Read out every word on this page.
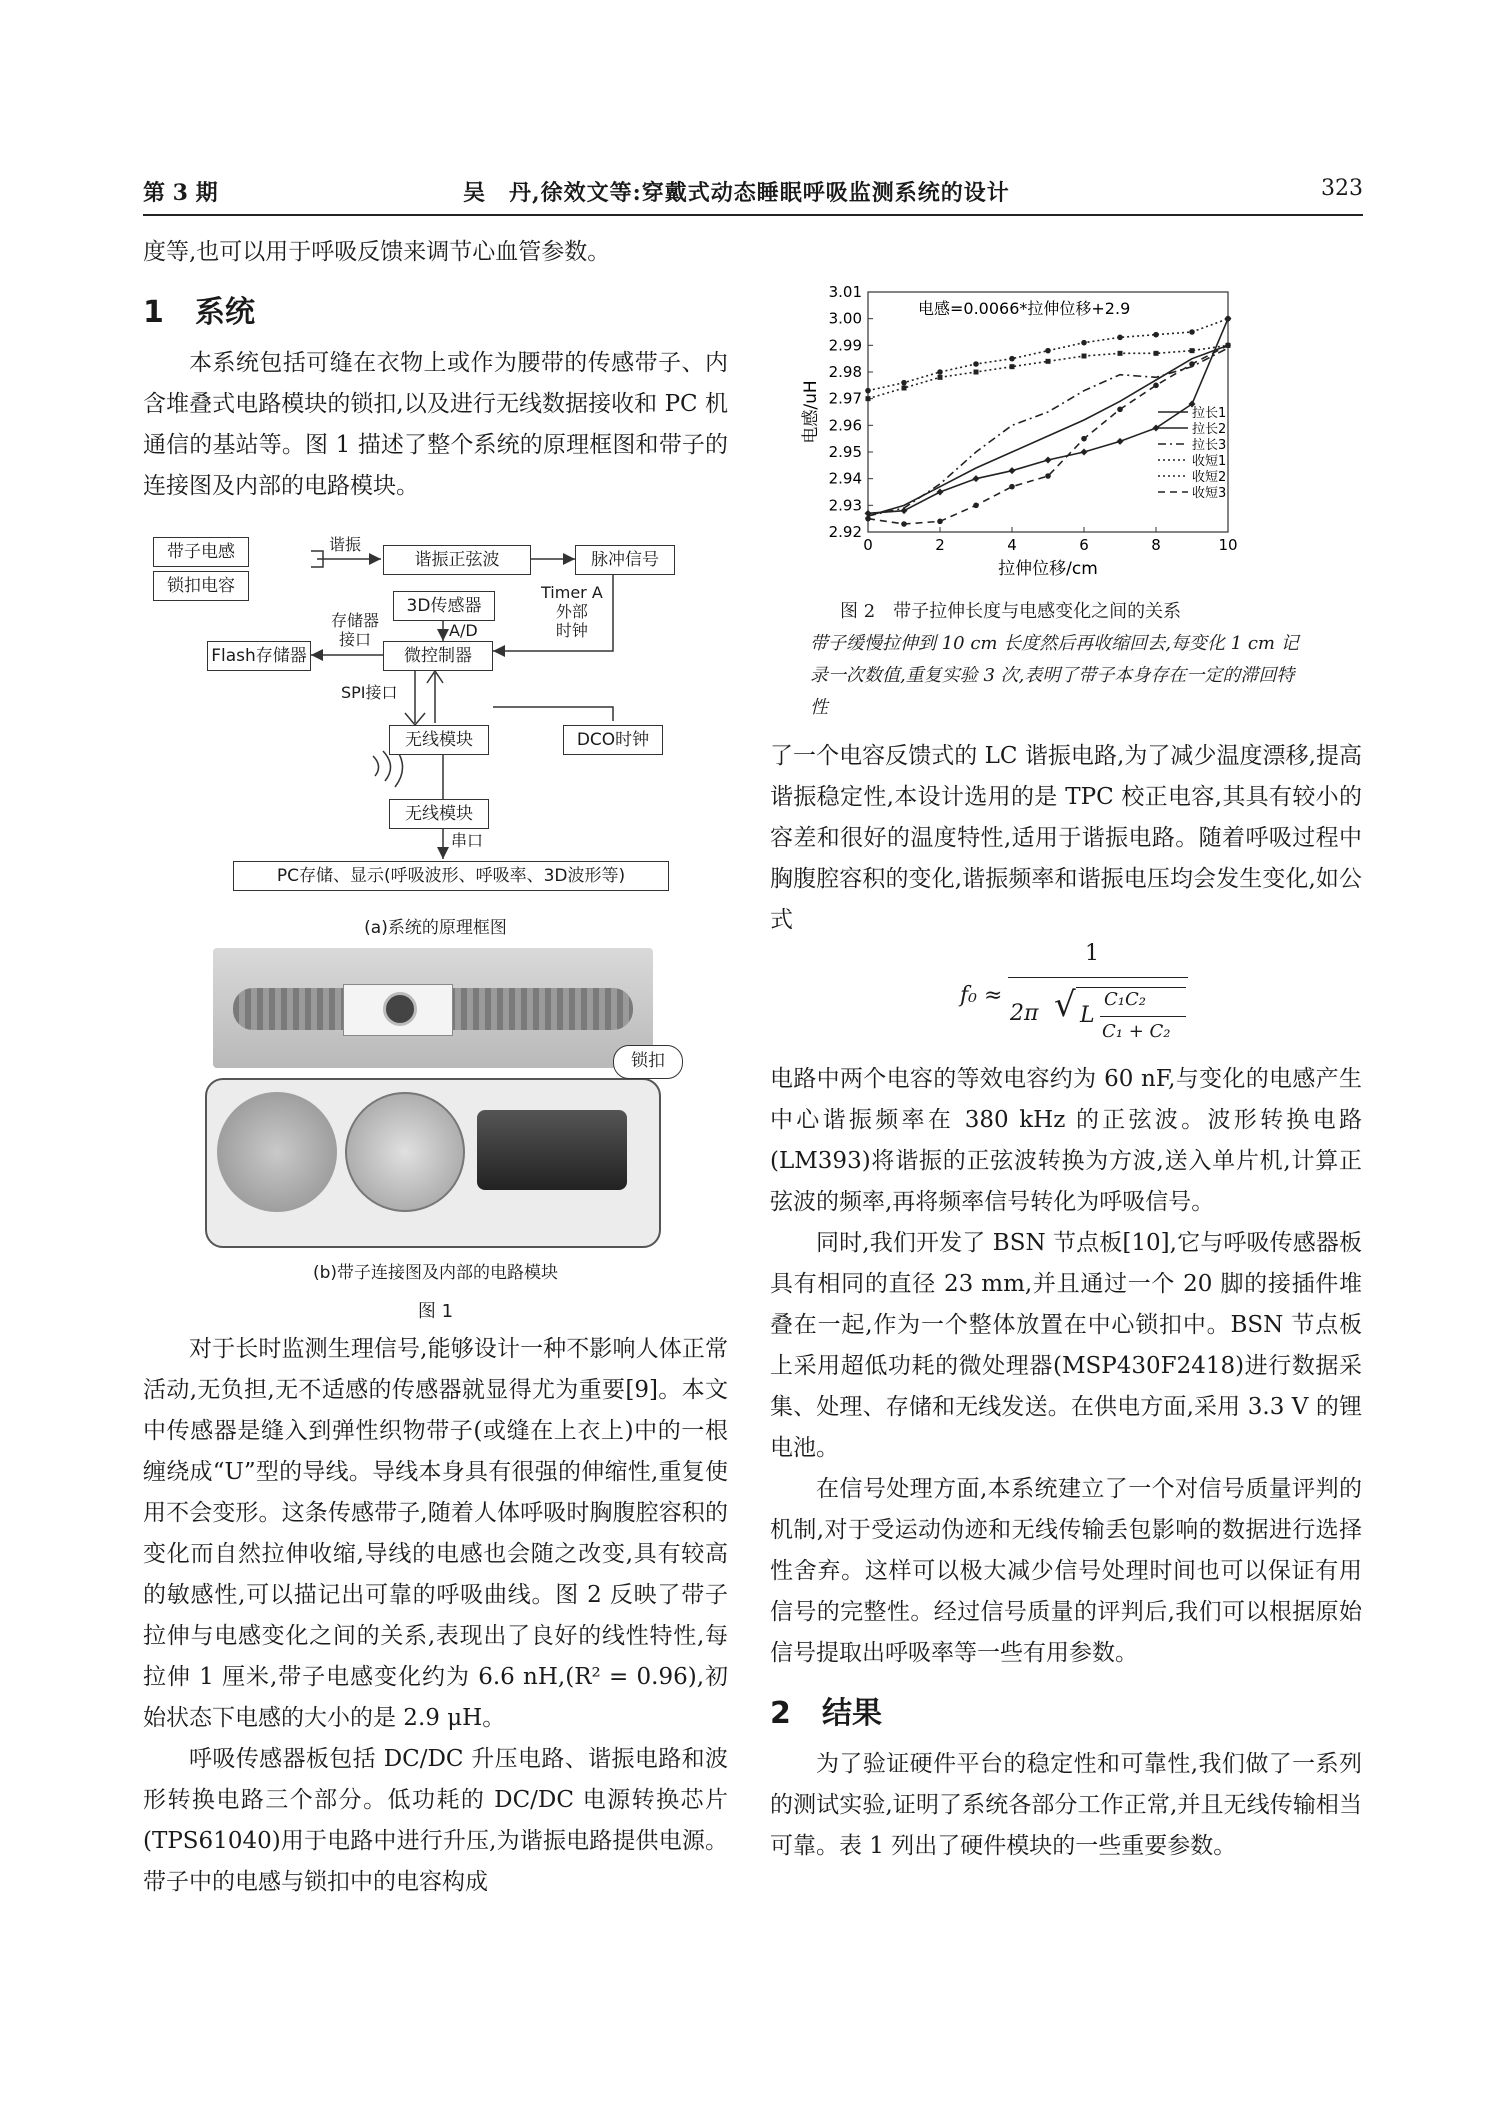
第 3 期	吴　丹,徐效文等:穿戴式动态睡眠呼吸监测系统的设计	323

度等,也可以用于呼吸反馈来调节心血管参数。

1 系统

本系统包括可缝在衣物上或作为腰带的传感带子、内含堆叠式电路模块的锁扣,以及进行无线数据接收和 PC 机通信的基站等。图 1 描述了整个系统的原理框图和带子的连接图及内部的电路模块。

带子电感
锁扣电容
谐振
谐振正弦波	脉冲信号
3D传感器
Timer A
外部
时钟
存储器
接口	A/D
Flash存储器	微控制器
SPI接口
无线模块	DCO时钟
无线模块
串口
PC存储、显示(呼吸波形、呼吸率、3D波形等)
(a)系统的原理框图
锁扣
(b)带子连接图及内部的电路模块
图 1

对于长时监测生理信号,能够设计一种不影响人体正常活动,无负担,无不适感的传感器就显得尤为重要[9]。本文中传感器是缝入到弹性织物带子(或缝在上衣上)中的一根缠绕成“U”型的导线。导线本身具有很强的伸缩性,重复使用不会变形。这条传感带子,随着人体呼吸时胸腹腔容积的变化而自然拉伸收缩,导线的电感也会随之改变,具有较高的敏感性,可以描记出可靠的呼吸曲线。图 2 反映了带子拉伸与电感变化之间的关系,表现出了良好的线性特性,每拉伸 1 厘米,带子电感变化约为 6.6 nH,(R² = 0.96),初始状态下电感的大小的是 2.9 μH。

呼吸传感器板包括 DC/DC 升压电路、谐振电路和波形转换电路三个部分。低功耗的 DC/DC 电源转换芯片(TPS61040)用于电路中进行升压,为谐振电路提供电源。带子中的电感与锁扣中的电容构成

2.92
2.93
2.94
2.95
2.96
2.97
2.98
2.99
3.00
3.01
0	2	4	6	8	10
拉伸位移/cm
电感/uH
电感=0.0066*拉伸位移+2.9
拉长1
拉长2
拉长3
收短1
收短2
收短3
图 2　带子拉伸长度与电感变化之间的关系
带子缓慢拉伸到 10 cm 长度然后再收缩回去,每变化 1 cm 记录一次数值,重复实验 3 次,表明了带子本身存在一定的滞回特性

了一个电容反馈式的 LC 谐振电路,为了减少温度漂移,提高谐振稳定性,本设计选用的是 TPC 校正电容,其具有较小的容差和很好的温度特性,适用于谐振电路。随着呼吸过程中胸腹腔容积的变化,谐振频率和谐振电压均会发生变化,如公式

f₀ ≈
1
2π √ L
C₁C₂
C₁ + C₂

电路中两个电容的等效电容约为 60 nF,与变化的电感产生中心谐振频率在 380 kHz 的正弦波。波形转换电路(LM393)将谐振的正弦波转换为方波,送入单片机,计算正弦波的频率,再将频率信号转化为呼吸信号。

同时,我们开发了 BSN 节点板[10],它与呼吸传感器板具有相同的直径 23 mm,并且通过一个 20 脚的接插件堆叠在一起,作为一个整体放置在中心锁扣中。BSN 节点板上采用超低功耗的微处理器(MSP430F2418)进行数据采集、处理、存储和无线发送。在供电方面,采用 3.3 V 的锂电池。

在信号处理方面,本系统建立了一个对信号质量评判的机制,对于受运动伪迹和无线传输丢包影响的数据进行选择性舍弃。这样可以极大减少信号处理时间也可以保证有用信号的完整性。经过信号质量的评判后,我们可以根据原始信号提取出呼吸率等一些有用参数。

2 结果

为了验证硬件平台的稳定性和可靠性,我们做了一系列的测试实验,证明了系统各部分工作正常,并且无线传输相当可靠。表 1 列出了硬件模块的一些重要参数。
